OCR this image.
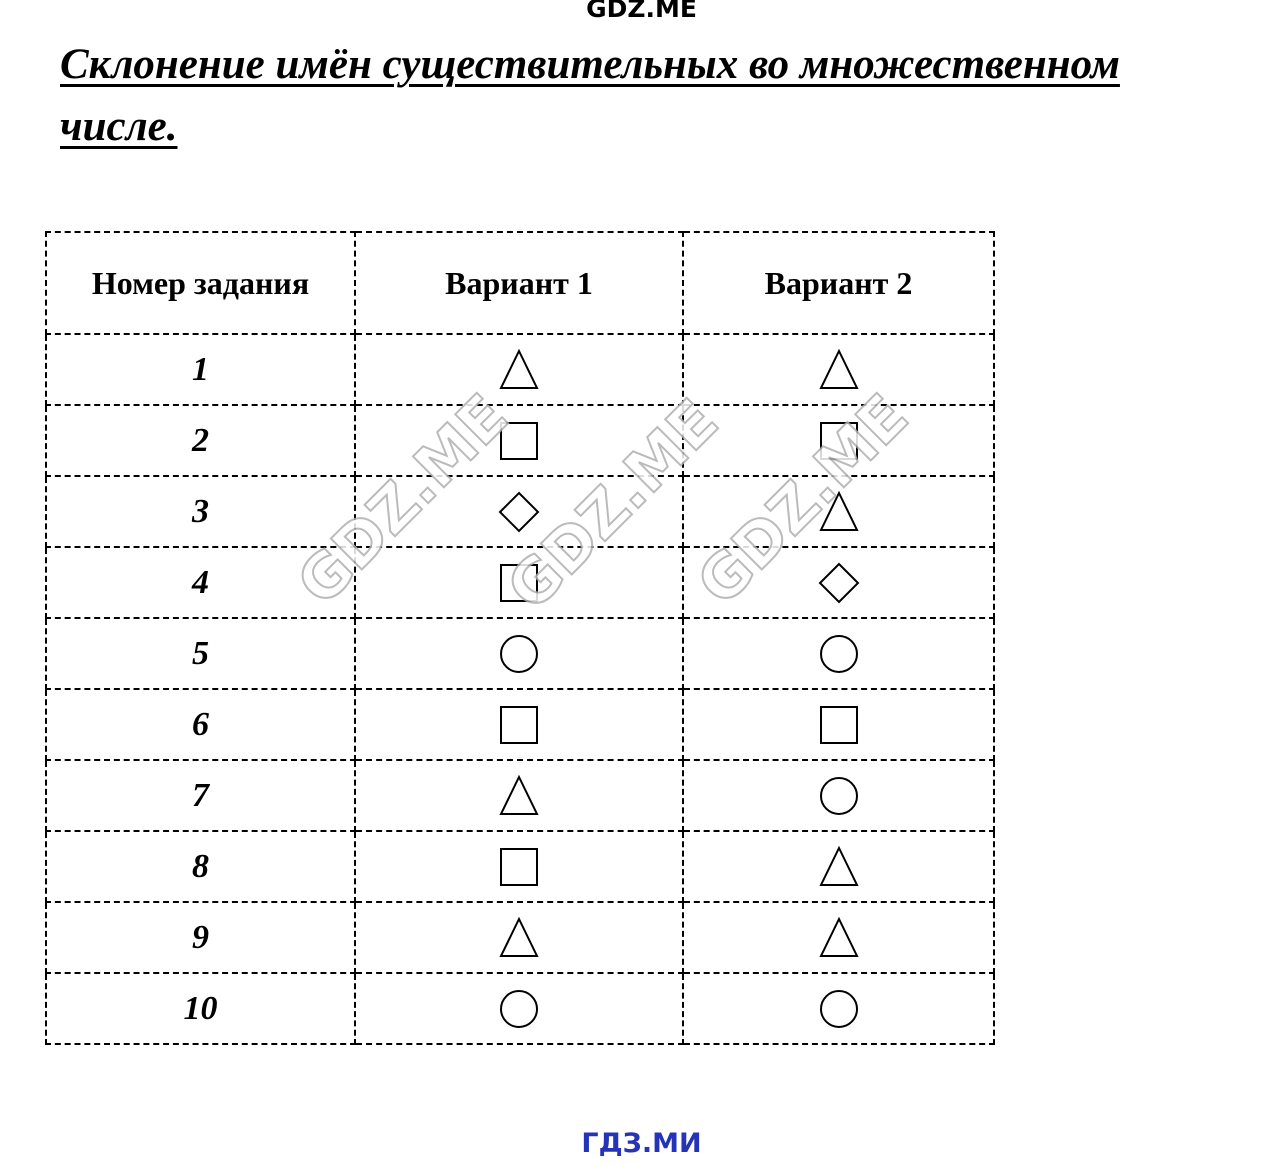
GDZ.ME
Склонение имён существительных во множественном числе.
Номер задания	Вариант 1	Вариант 2
1		
2		
3		
4		
5		
6		
7		
8		
9		
10		
GDZ.ME
GDZ.ME
GDZ.ME
ГДЗ.МИ
